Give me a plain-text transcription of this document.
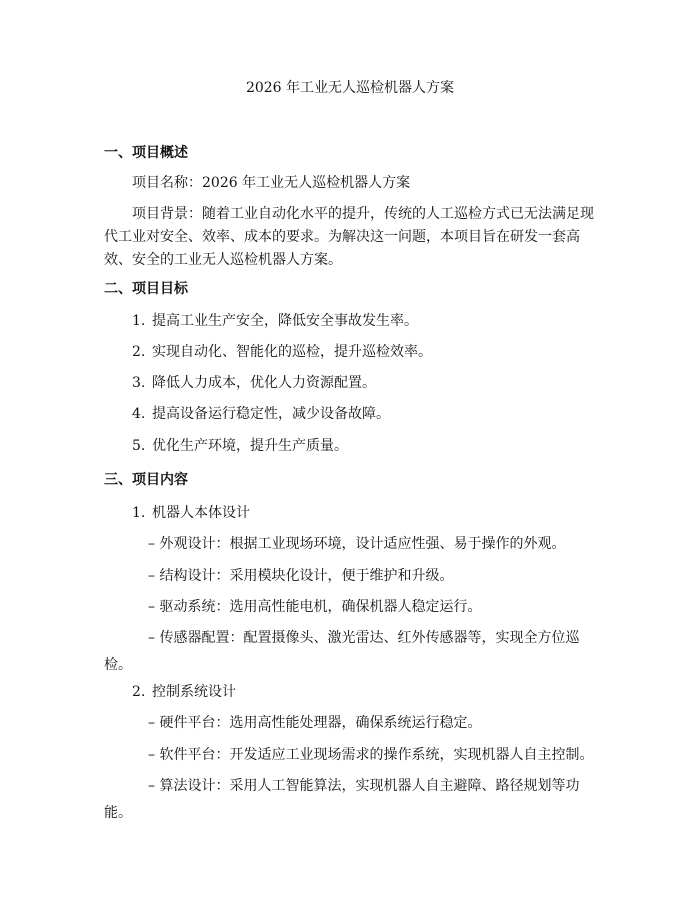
2026 年工业无人巡检机器人方案
一、项目概述
项目名称：2026 年工业无人巡检机器人方案

项目背景：随着工业自动化水平的提升，传统的人工巡检方式已无法满足现代工业对安全、效率、成本的要求。为解决这一问题，本项目旨在研发一套高效、安全的工业无人巡检机器人方案。

二、项目目标
1. 提高工业生产安全，降低安全事故发生率。
2. 实现自动化、智能化的巡检，提升巡检效率。
3. 降低人力成本，优化人力资源配置。
4. 提高设备运行稳定性，减少设备故障。
5. 优化生产环境，提升生产质量。
三、项目内容
1. 机器人本体设计
– 外观设计：根据工业现场环境，设计适应性强、易于操作的外观。
– 结构设计：采用模块化设计，便于维护和升级。
– 驱动系统：选用高性能电机，确保机器人稳定运行。

– 传感器配置：配置摄像头、激光雷达、红外传感器等，实现全方位巡检。

2. 控制系统设计
– 硬件平台：选用高性能处理器，确保系统运行稳定。
– 软件平台：开发适应工业现场需求的操作系统，实现机器人自主控制。

– 算法设计：采用人工智能算法，实现机器人自主避障、路径规划等功能。
